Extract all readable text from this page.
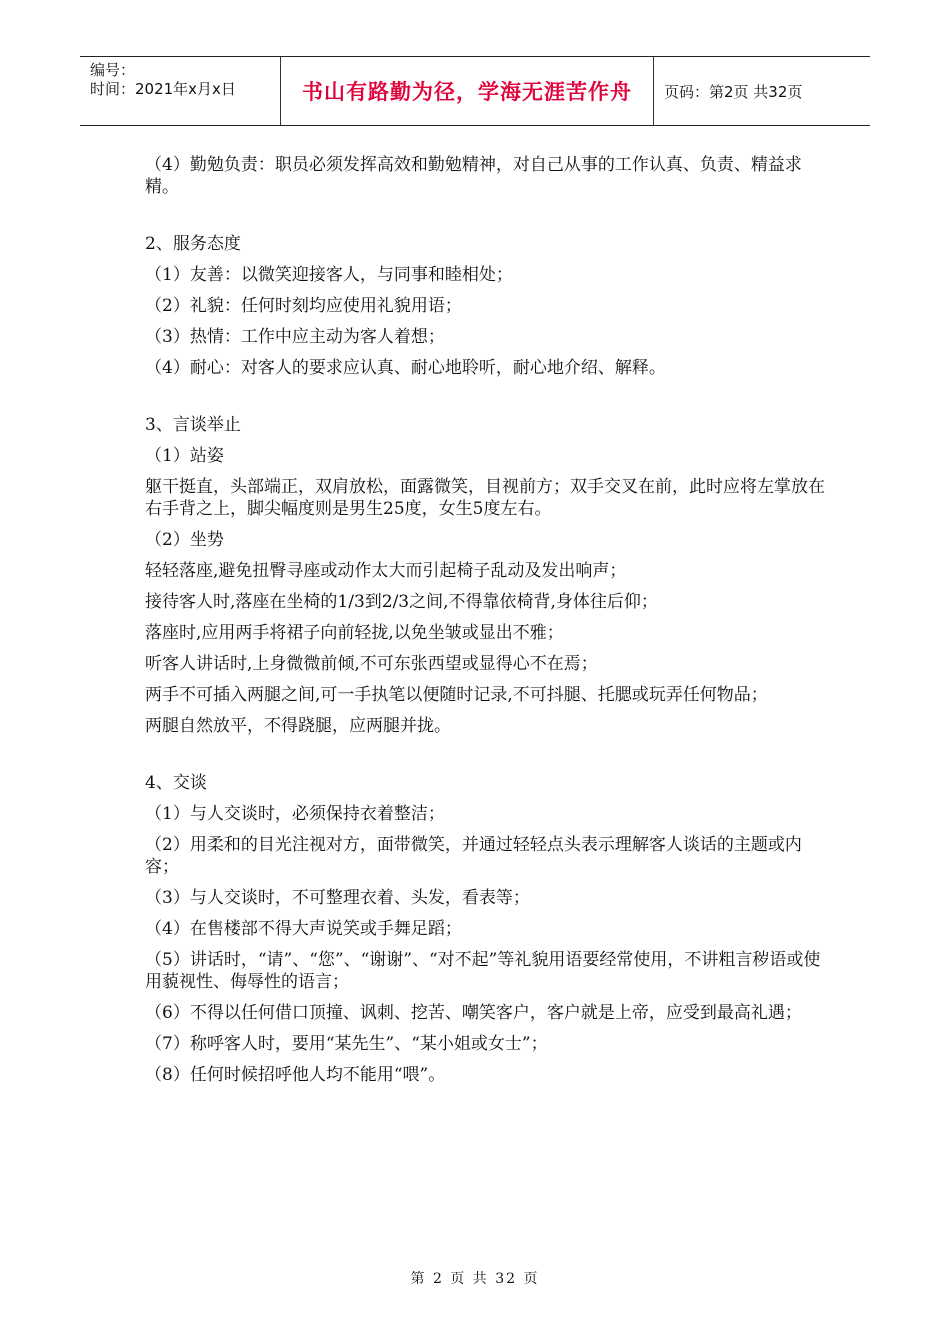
编号：
时间：2021年x月x日	书山有路勤为径，学海无涯苦作舟	页码：第2页 共32页

（4）勤勉负责：职员必须发挥高效和勤勉精神，对自己从事的工作认真、负责、精益求精。

2、服务态度

（1）友善：以微笑迎接客人，与同事和睦相处；

（2）礼貌：任何时刻均应使用礼貌用语；

（3）热情：工作中应主动为客人着想；

（4）耐心：对客人的要求应认真、耐心地聆听，耐心地介绍、解释。

3、言谈举止

（1）站姿

躯干挺直，头部端正，双肩放松，面露微笑，目视前方；双手交叉在前，此时应将左掌放在右手背之上，脚尖幅度则是男生25度，女生5度左右。

（2）坐势

轻轻落座,避免扭臀寻座或动作太大而引起椅子乱动及发出响声；

接待客人时,落座在坐椅的1/3到2/3之间,不得靠依椅背,身体往后仰；

落座时,应用两手将裙子向前轻拢,以免坐皱或显出不雅；

听客人讲话时,上身微微前倾,不可东张西望或显得心不在焉；

两手不可插入两腿之间,可一手执笔以便随时记录,不可抖腿、托腮或玩弄任何物品；

两腿自然放平，不得跷腿，应两腿并拢。

4、交谈

（1）与人交谈时，必须保持衣着整洁；

（2）用柔和的目光注视对方，面带微笑，并通过轻轻点头表示理解客人谈话的主题或内容；

（3）与人交谈时，不可整理衣着、头发，看表等；

（4）在售楼部不得大声说笑或手舞足蹈；

（5）讲话时，“请”、“您”、“谢谢”、“对不起”等礼貌用语要经常使用，不讲粗言秽语或使用藐视性、侮辱性的语言；

（6）不得以任何借口顶撞、讽刺、挖苦、嘲笑客户，客户就是上帝，应受到最高礼遇；

（7）称呼客人时，要用“某先生”、“某小姐或女士”；

（8）任何时候招呼他人均不能用“喂”。

第 2 页 共 32 页
